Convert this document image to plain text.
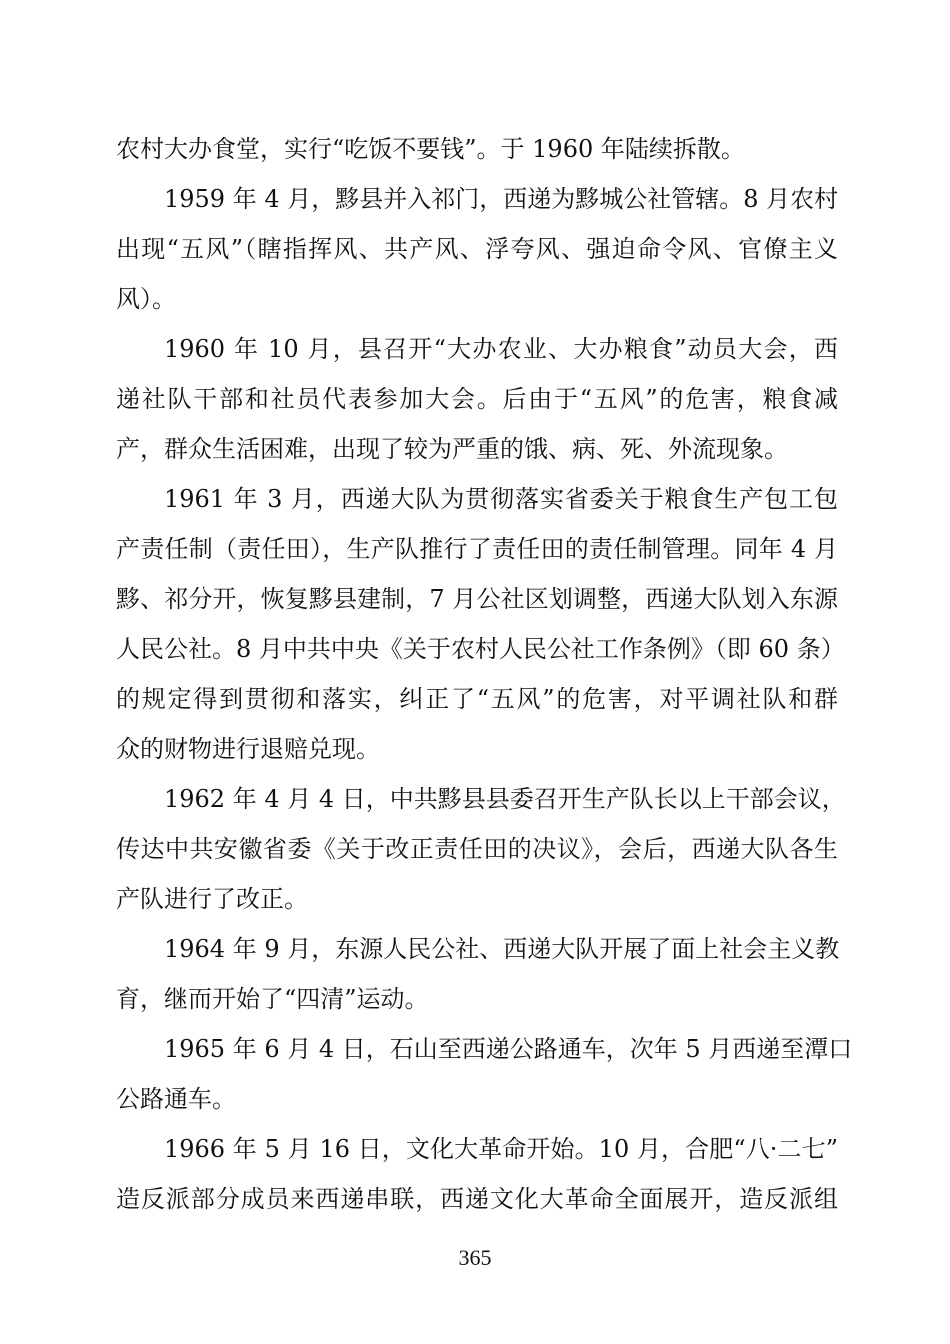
农村大办食堂，实行“吃饭不要钱”。于 1960 年陆续拆散。

1959 年 4 月，黟县并入祁门，西递为黟城公社管辖。8 月农村

出现“五风”（瞎指挥风、共产风、浮夸风、强迫命令风、官僚主义

风）。

1960 年 10 月，县召开“大办农业、大办粮食”动员大会，西

递社队干部和社员代表参加大会。后由于“五风”的危害，粮食减

产，群众生活困难，出现了较为严重的饿、病、死、外流现象。

1961 年 3 月，西递大队为贯彻落实省委关于粮食生产包工包

产责任制（责任田），生产队推行了责任田的责任制管理。同年 4 月

黟、祁分开，恢复黟县建制，7 月公社区划调整，西递大队划入东源

人民公社。8 月中共中央《关于农村人民公社工作条例》（即 60 条）

的规定得到贯彻和落实，纠正了“五风”的危害，对平调社队和群

众的财物进行退赔兑现。

1962 年 4 月 4 日，中共黟县县委召开生产队长以上干部会议，

传达中共安徽省委《关于改正责任田的决议》，会后，西递大队各生

产队进行了改正。

1964 年 9 月，东源人民公社、西递大队开展了面上社会主义教

育，继而开始了“四清”运动。

1965 年 6 月 4 日，石山至西递公路通车，次年 5 月西递至潭口

公路通车。

1966 年 5 月 16 日，文化大革命开始。10 月，合肥“八·二七”

造反派部分成员来西递串联，西递文化大革命全面展开，造反派组

365
